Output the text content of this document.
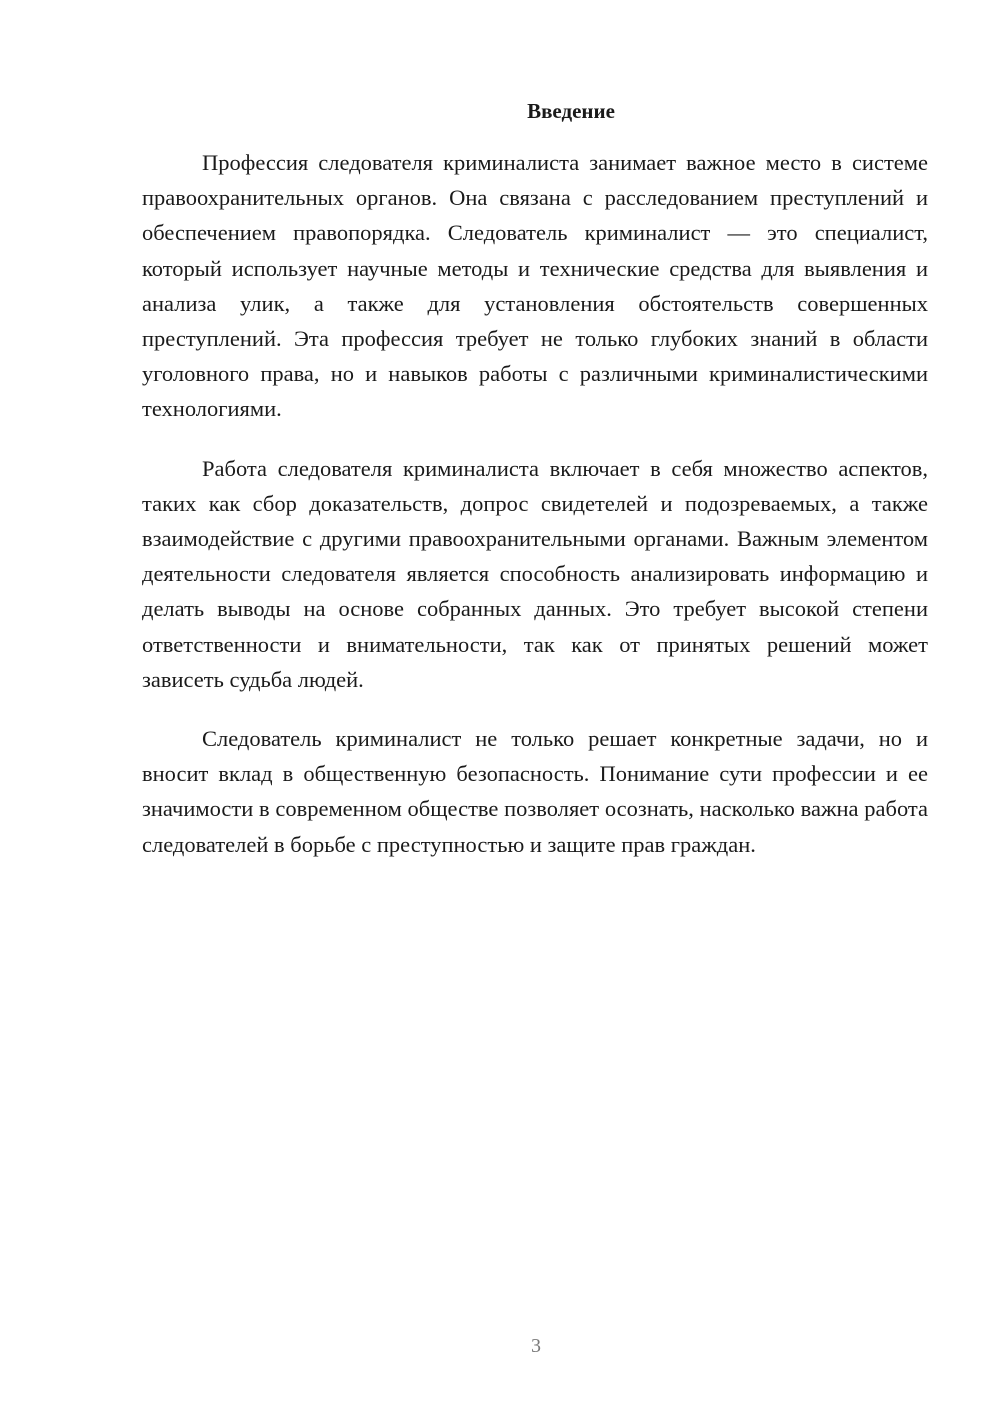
Введение

Профессия следователя криминалиста занимает важное место в системе правоохранительных органов. Она связана с расследованием преступлений и обеспечением правопорядка. Следователь криминалист — это специалист, который использует научные методы и технические средства для выявления и анализа улик, а также для установления обстоятельств совершенных преступлений. Эта профессия требует не только глубоких знаний в области уголовного права, но и навыков работы с различными криминалистическими технологиями.

Работа следователя криминалиста включает в себя множество аспектов, таких как сбор доказательств, допрос свидетелей и подозреваемых, а также взаимодействие с другими правоохранительными органами. Важным элементом деятельности следователя является способность анализировать информацию и делать выводы на основе собранных данных. Это требует высокой степени ответственности и внимательности, так как от принятых решений может зависеть судьба людей.

Следователь криминалист не только решает конкретные задачи, но и вносит вклад в общественную безопасность. Понимание сути профессии и ее значимости в современном обществе позволяет осознать, насколько важна работа следователей в борьбе с преступностью и защите прав граждан.

3
